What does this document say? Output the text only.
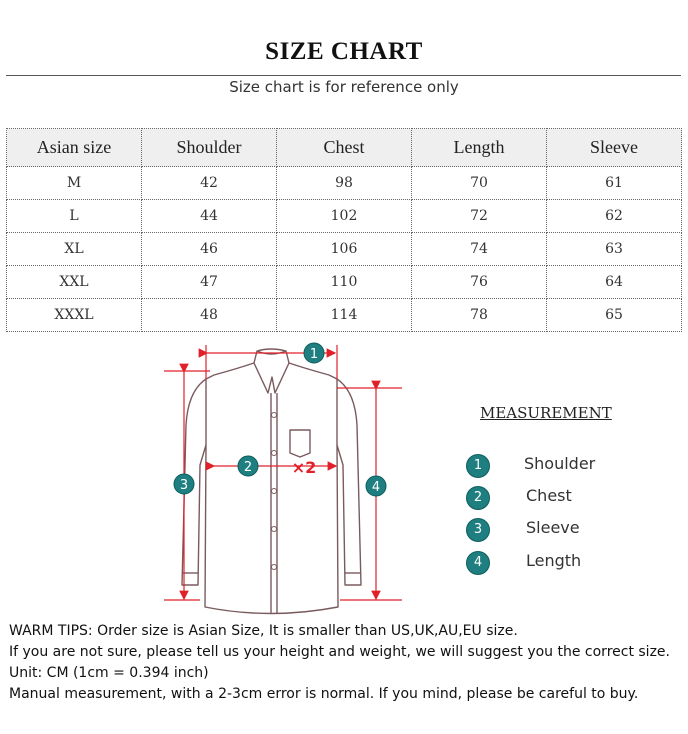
SIZE CHART
Size chart is for reference only
Asian size	Shoulder	Chest	Length	Sleeve
M	42	98	70	61
L	44	102	72	62
XL	46	106	74	63
XXL	47	110	76	64
XXXL	48	114	78	65
1
2
3	4
×2
MEASUREMENT
1	Shoulder
2	Chest
3	Sleeve
4	Length

WARM TIPS: Order size is Asian Size, It is smaller than US,UK,AU,EU size.

If you are not sure, please tell us your height and weight, we will suggest you the correct size.

Unit: CM (1cm = 0.394 inch)

Manual measurement, with a 2-3cm error is normal. If you mind, please be careful to buy.
